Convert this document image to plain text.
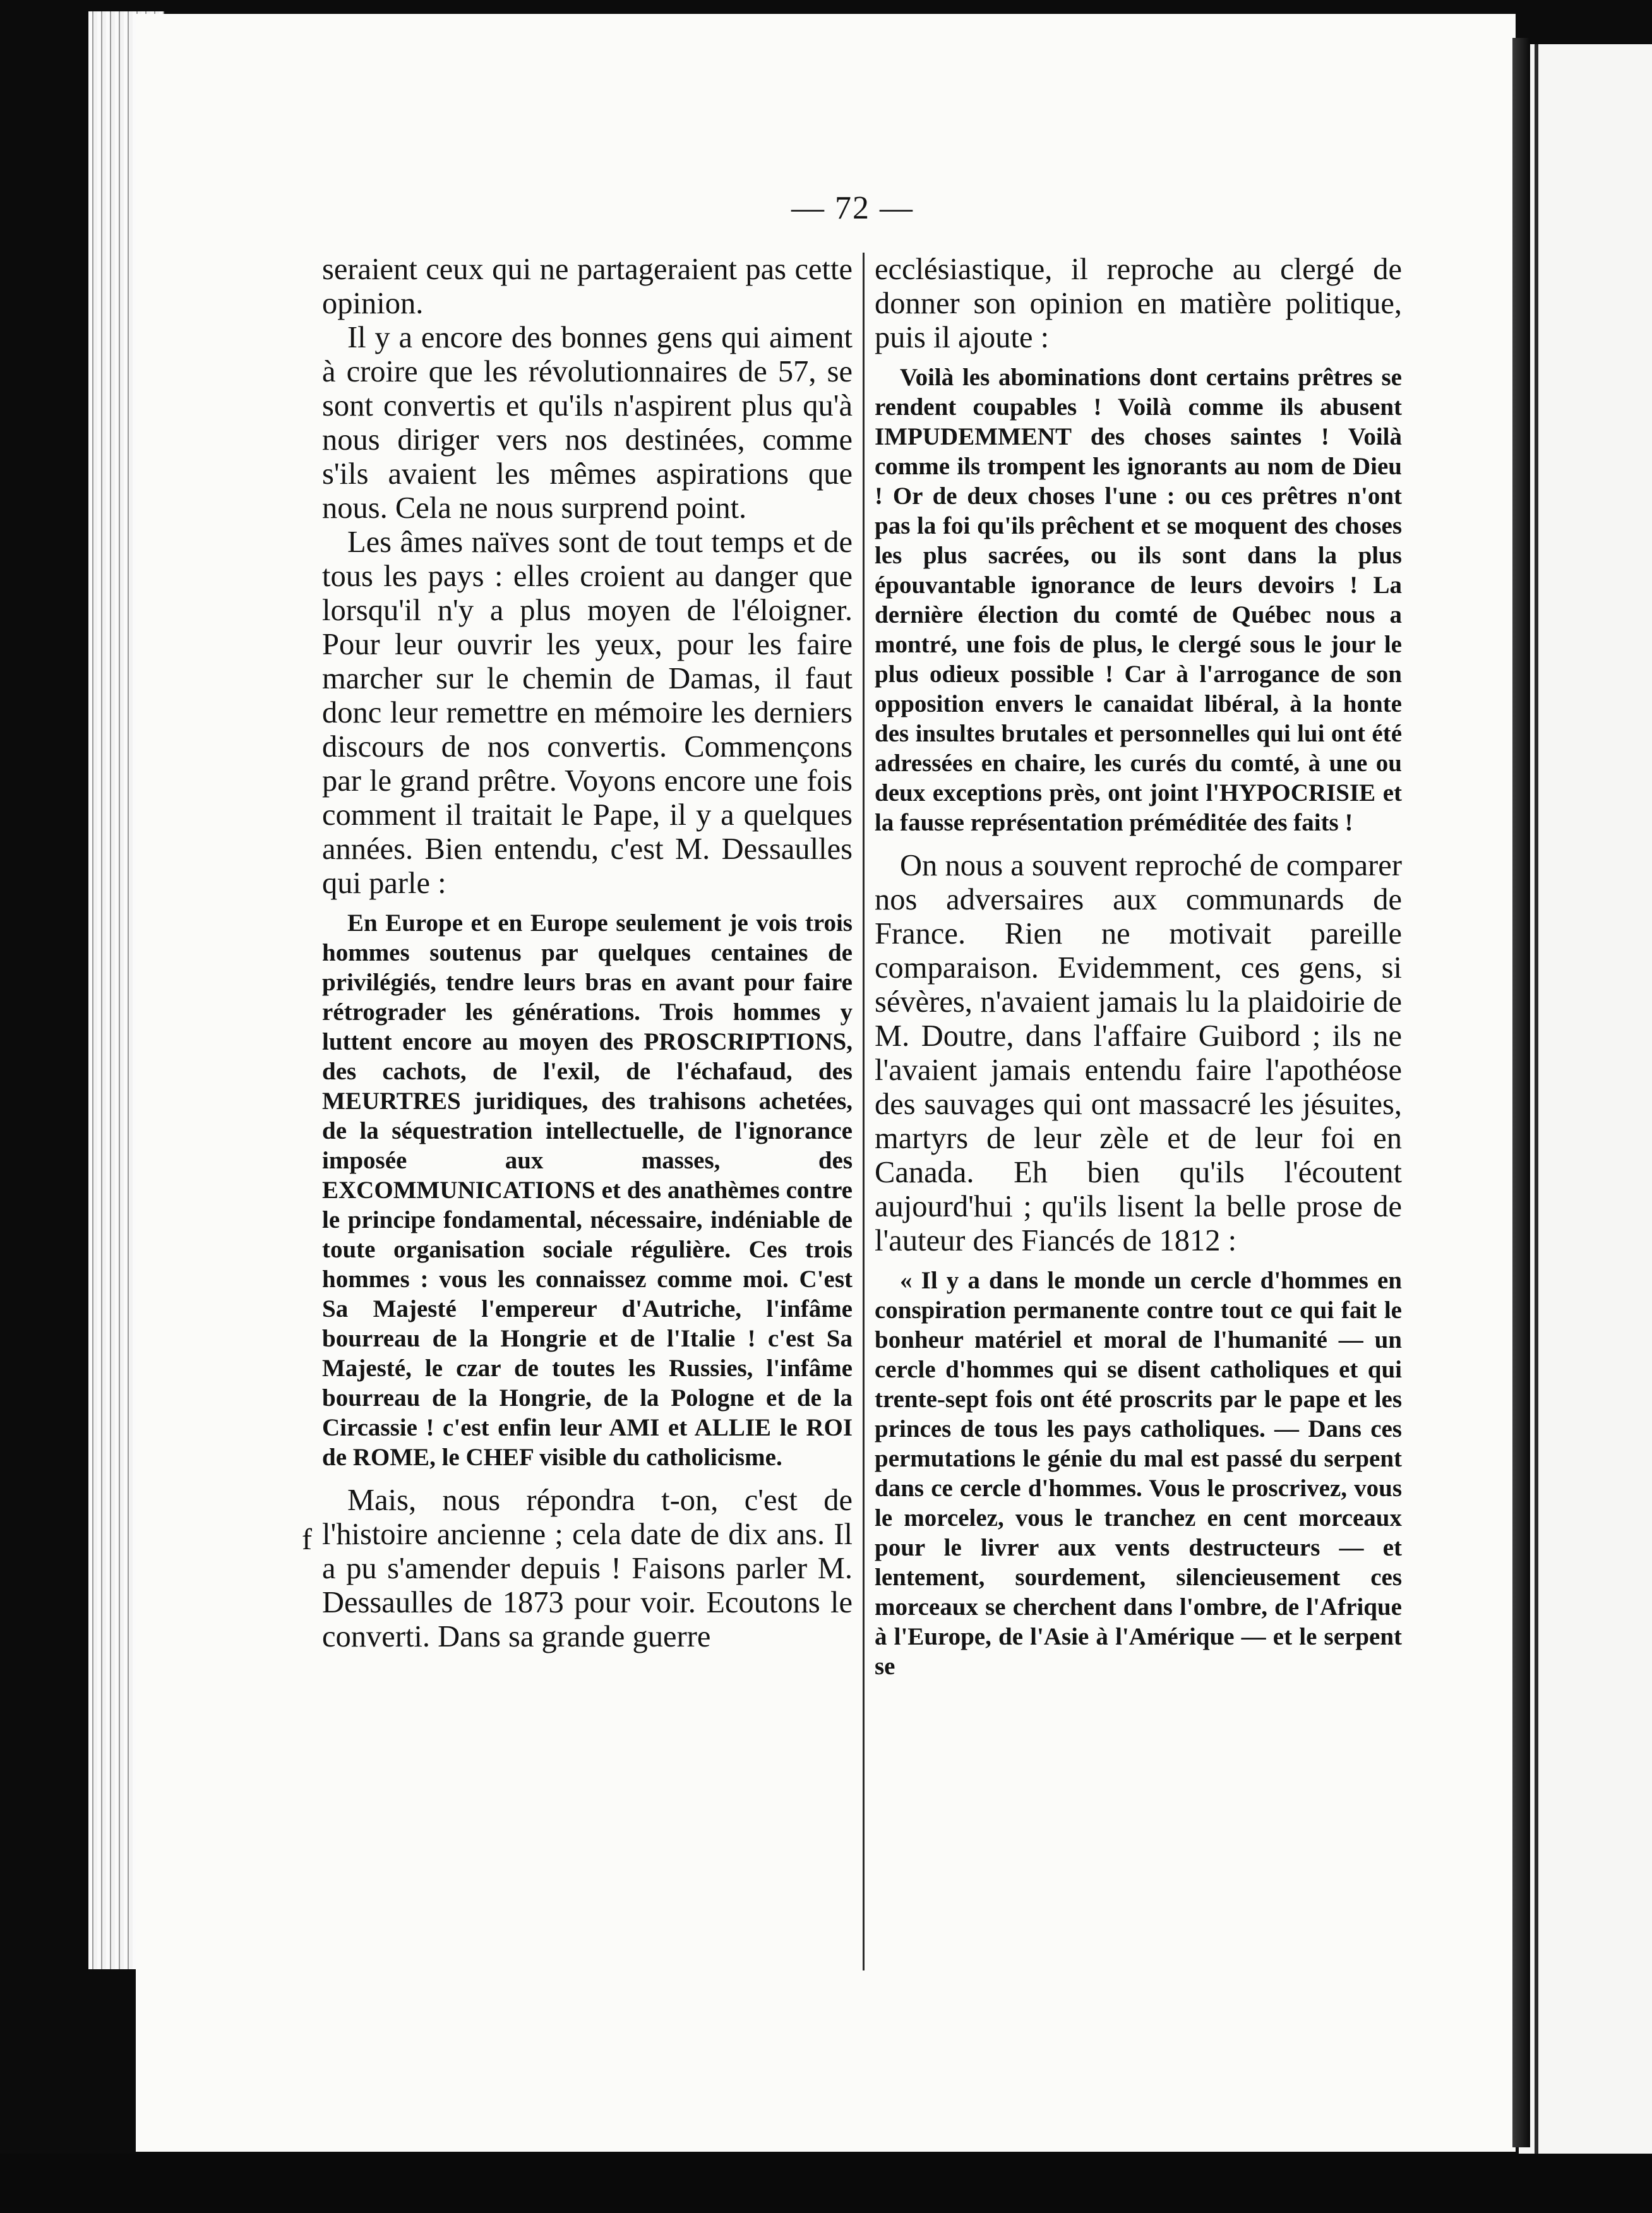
— 72 —

seraient ceux qui ne partageraient pas cette opinion.

Il y a encore des bonnes gens qui aiment à croire que les révolutionnaires de 57, se sont convertis et qu'ils n'aspirent plus qu'à nous diriger vers nos destinées, comme s'ils avaient les mêmes aspirations que nous. Cela ne nous surprend point.

Les âmes naïves sont de tout temps et de tous les pays : elles croient au danger que lorsqu'il n'y a plus moyen de l'éloigner. Pour leur ouvrir les yeux, pour les faire marcher sur le chemin de Damas, il faut donc leur remettre en mémoire les derniers discours de nos convertis. Commençons par le grand prêtre. Voyons encore une fois comment il traitait le Pape, il y a quelques années. Bien entendu, c'est M. Dessaulles qui parle :

En Europe et en Europe seulement je vois trois hommes soutenus par quelques centaines de privilégiés, tendre leurs bras en avant pour faire rétrograder les générations. Trois hommes y luttent encore au moyen des PROSCRIPTIONS, des cachots, de l'exil, de l'échafaud, des MEURTRES juridiques, des trahisons achetées, de la séquestration intellectuelle, de l'ignorance imposée aux masses, des EXCOMMUNICATIONS et des anathèmes contre le principe fondamental, nécessaire, indéniable de toute organisation sociale régulière. Ces trois hommes : vous les connaissez comme moi. C'est Sa Majesté l'empereur d'Autriche, l'infâme bourreau de la Hongrie et de l'Italie ! c'est Sa Majesté, le czar de toutes les Russies, l'infâme bourreau de la Hongrie, de la Pologne et de la Circassie ! c'est enfin leur AMI et ALLIE le ROI de ROME, le CHEF visible du catholicisme.

Mais, nous répondra t-on, c'est de l'histoire ancienne ; cela date de dix ans. Il a pu s'amender depuis ! Faisons parler M. Dessaulles de 1873 pour voir. Ecoutons le converti. Dans sa grande guerre

f

ecclésiastique, il reproche au clergé de donner son opinion en matière politique, puis il ajoute :

Voilà les abominations dont certains prêtres se rendent coupables ! Voilà comme ils abusent IMPUDEMMENT des choses saintes ! Voilà comme ils trompent les ignorants au nom de Dieu ! Or de deux choses l'une : ou ces prêtres n'ont pas la foi qu'ils prêchent et se moquent des choses les plus sacrées, ou ils sont dans la plus épouvantable ignorance de leurs devoirs ! La dernière élection du comté de Québec nous a montré, une fois de plus, le clergé sous le jour le plus odieux possible ! Car à l'arrogance de son opposition envers le canaidat libéral, à la honte des insultes brutales et personnelles qui lui ont été adressées en chaire, les curés du comté, à une ou deux exceptions près, ont joint l'HYPOCRISIE et la fausse représentation préméditée des faits !

On nous a souvent reproché de comparer nos adversaires aux communards de France. Rien ne motivait pareille comparaison. Evidemment, ces gens, si sévères, n'avaient jamais lu la plaidoirie de M. Doutre, dans l'affaire Guibord ; ils ne l'avaient jamais entendu faire l'apothéose des sauvages qui ont massacré les jésuites, martyrs de leur zèle et de leur foi en Canada. Eh bien qu'ils l'écoutent aujourd'hui ; qu'ils lisent la belle prose de l'auteur des Fiancés de 1812 :

« Il y a dans le monde un cercle d'hommes en conspiration permanente contre tout ce qui fait le bonheur matériel et moral de l'humanité — un cercle d'hommes qui se disent catholiques et qui trente-sept fois ont été proscrits par le pape et les princes de tous les pays catholiques. — Dans ces permutations le génie du mal est passé du serpent dans ce cercle d'hommes. Vous le proscrivez, vous le morcelez, vous le tranchez en cent morceaux pour le livrer aux vents destructeurs — et lentement, sourdement, silencieusement ces morceaux se cherchent dans l'ombre, de l'Afrique à l'Europe, de l'Asie à l'Amérique — et le serpent se
